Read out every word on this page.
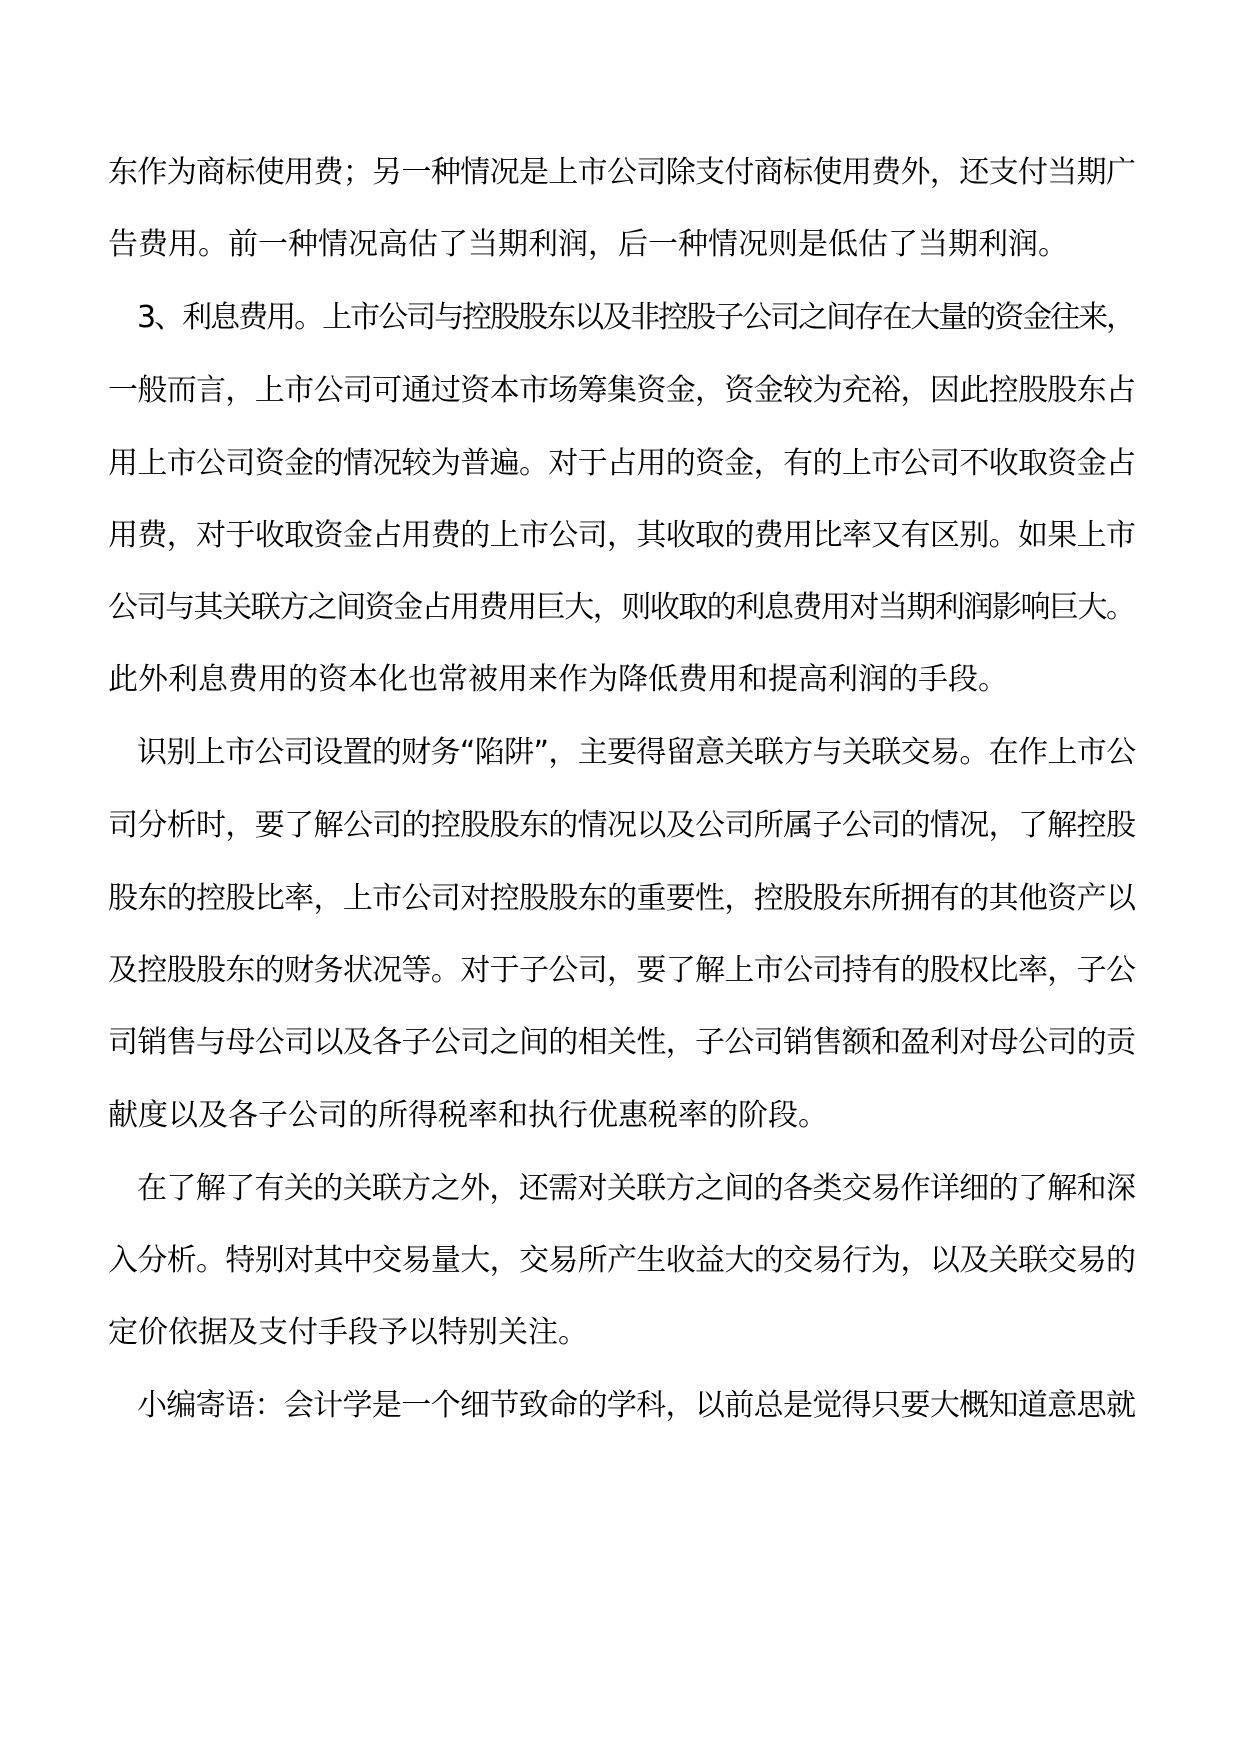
东作为商标使用费；另一种情况是上市公司除支付商标使用费外，还支付当期广
告费用。前一种情况高估了当期利润，后一种情况则是低估了当期利润。
3、利息费用。上市公司与控股股东以及非控股子公司之间存在大量的资金往来，
一般而言，上市公司可通过资本市场筹集资金，资金较为充裕，因此控股股东占
用上市公司资金的情况较为普遍。对于占用的资金，有的上市公司不收取资金占
用费，对于收取资金占用费的上市公司，其收取的费用比率又有区别。如果上市
公司与其关联方之间资金占用费用巨大，则收取的利息费用对当期利润影响巨大。
此外利息费用的资本化也常被用来作为降低费用和提高利润的手段。
识别上市公司设置的财务“陷阱”，主要得留意关联方与关联交易。在作上市公
司分析时，要了解公司的控股股东的情况以及公司所属子公司的情况，了解控股
股东的控股比率，上市公司对控股股东的重要性，控股股东所拥有的其他资产以
及控股股东的财务状况等。对于子公司，要了解上市公司持有的股权比率，子公
司销售与母公司以及各子公司之间的相关性，子公司销售额和盈利对母公司的贡
献度以及各子公司的所得税率和执行优惠税率的阶段。
在了解了有关的关联方之外，还需对关联方之间的各类交易作详细的了解和深
入分析。特别对其中交易量大，交易所产生收益大的交易行为，以及关联交易的
定价依据及支付手段予以特别关注。
小编寄语：会计学是一个细节致命的学科，以前总是觉得只要大概知道意思就
